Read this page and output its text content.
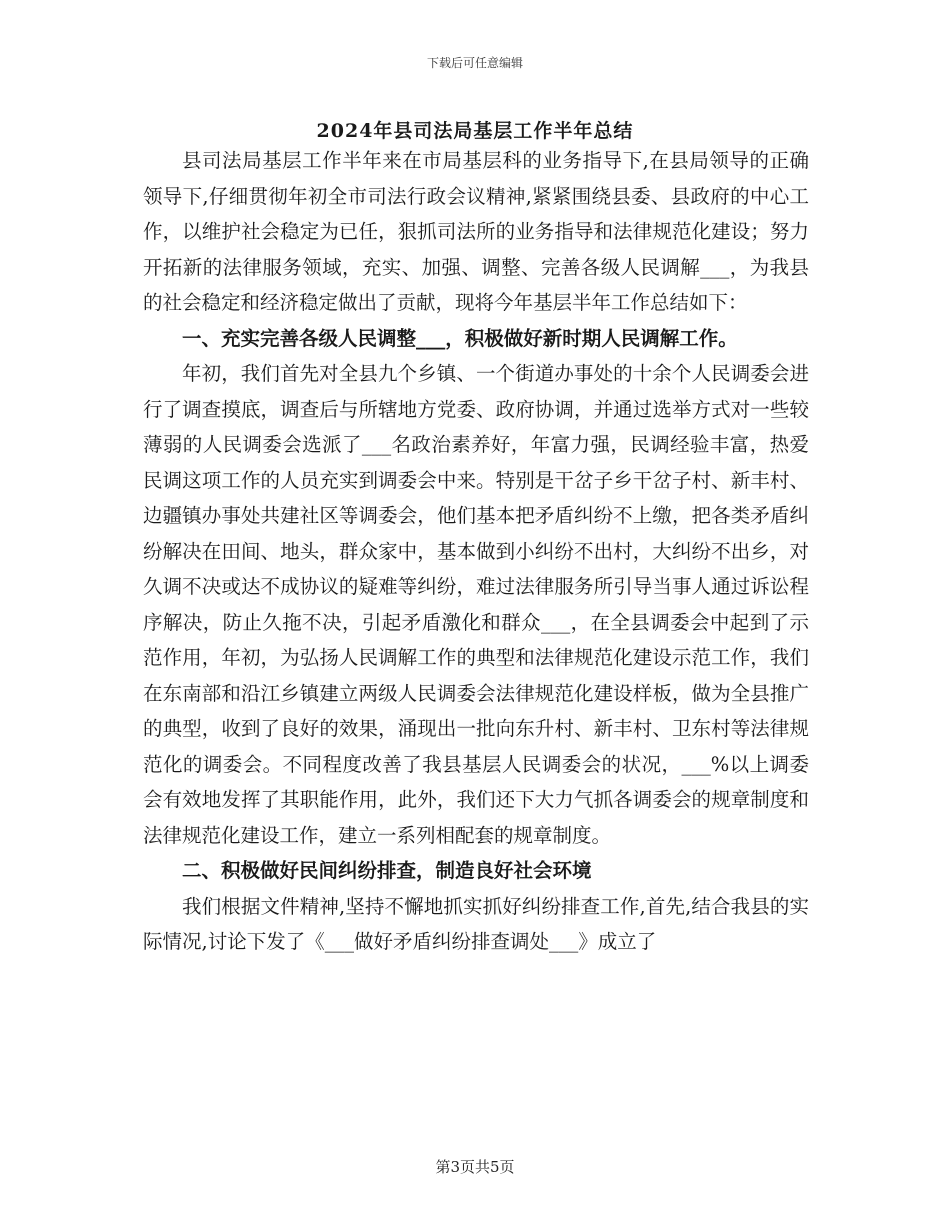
下载后可任意编辑
2024年县司法局基层工作半年总结

县司法局基层工作半年来在市局基层科的业务指导下,在县局领导的正确领导下,仔细贯彻年初全市司法行政会议精神,紧紧围绕县委、县政府的中心工作，以维护社会稳定为已任，狠抓司法所的业务指导和法律规范化建设；努力开拓新的法律服务领域，充实、加强、调整、完善各级人民调解___，为我县的社会稳定和经济稳定做出了贡献，现将今年基层半年工作总结如下：

一、充实完善各级人民调整___，积极做好新时期人民调解工作。

年初，我们首先对全县九个乡镇、一个街道办事处的十余个人民调委会进行了调查摸底，调查后与所辖地方党委、政府协调，并通过选举方式对一些较薄弱的人民调委会选派了___名政治素养好，年富力强，民调经验丰富，热爱民调这项工作的人员充实到调委会中来。特别是干岔子乡干岔子村、新丰村、边疆镇办事处共建社区等调委会，他们基本把矛盾纠纷不上缴，把各类矛盾纠纷解决在田间、地头，群众家中，基本做到小纠纷不出村，大纠纷不出乡，对久调不决或达不成协议的疑难等纠纷，难过法律服务所引导当事人通过诉讼程序解决，防止久拖不决，引起矛盾激化和群众___，在全县调委会中起到了示范作用，年初，为弘扬人民调解工作的典型和法律规范化建设示范工作，我们在东南部和沿江乡镇建立两级人民调委会法律规范化建设样板，做为全县推广的典型，收到了良好的效果，涌现出一批向东升村、新丰村、卫东村等法律规范化的调委会。不同程度改善了我县基层人民调委会的状况，___%以上调委会有效地发挥了其职能作用，此外，我们还下大力气抓各调委会的规章制度和法律规范化建设工作，建立一系列相配套的规章制度。

二、积极做好民间纠纷排查，制造良好社会环境

我们根据文件精神,坚持不懈地抓实抓好纠纷排查工作,首先,结合我县的实际情况,讨论下发了《___做好矛盾纠纷排查调处___》成立了

第3页共5页
